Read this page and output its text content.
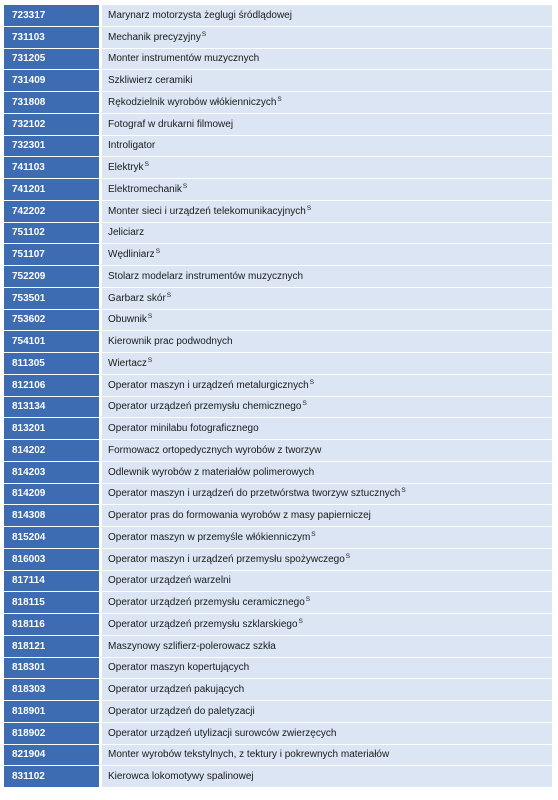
723317	Marynarz motorzysta żeglugi śródlądowej
731103	Mechanik precyzyjny S
731205	Monter instrumentów muzycznych
731409	Szkliwierz ceramiki
731808	Rękodzielnik wyrobów włókienniczych S
732102	Fotograf w drukarni filmowej
732301	Introligator
741103	Elektryk S
741201	Elektromechanik S
742202	Monter sieci i urządzeń telekomunikacyjnych S
751102	Jeliciarz
751107	Wędliniarz S
752209	Stolarz modelarz instrumentów muzycznych
753501	Garbarz skór S
753602	Obuwnik S
754101	Kierownik prac podwodnych
811305	Wiertacz S
812106	Operator maszyn i urządzeń metalurgicznych S
813134	Operator urządzeń przemysłu chemicznego S
813201	Operator minilabu fotograficznego
814202	Formowacz ortopedycznych wyrobów z tworzyw
814203	Odlewnik wyrobów z materiałów polimerowych
814209	Operator maszyn i urządzeń do przetwórstwa tworzyw sztucznych S
814308	Operator pras do formowania wyrobów z masy papierniczej
815204	Operator maszyn w przemyśle włókienniczym S
816003	Operator maszyn i urządzeń przemysłu spożywczego S
817114	Operator urządzeń warzelni
818115	Operator urządzeń przemysłu ceramicznego S
818116	Operator urządzeń przemysłu szklarskiego S
818121	Maszynowy szlifierz-polerowacz szkła
818301	Operator maszyn kopertujących
818303	Operator urządzeń pakujących
818901	Operator urządzeń do paletyzacji
818902	Operator urządzeń utylizacji surowców zwierzęcych
821904	Monter wyrobów tekstylnych, z tektury i pokrewnych materiałów
831102	Kierowca lokomotywy spalinowej
